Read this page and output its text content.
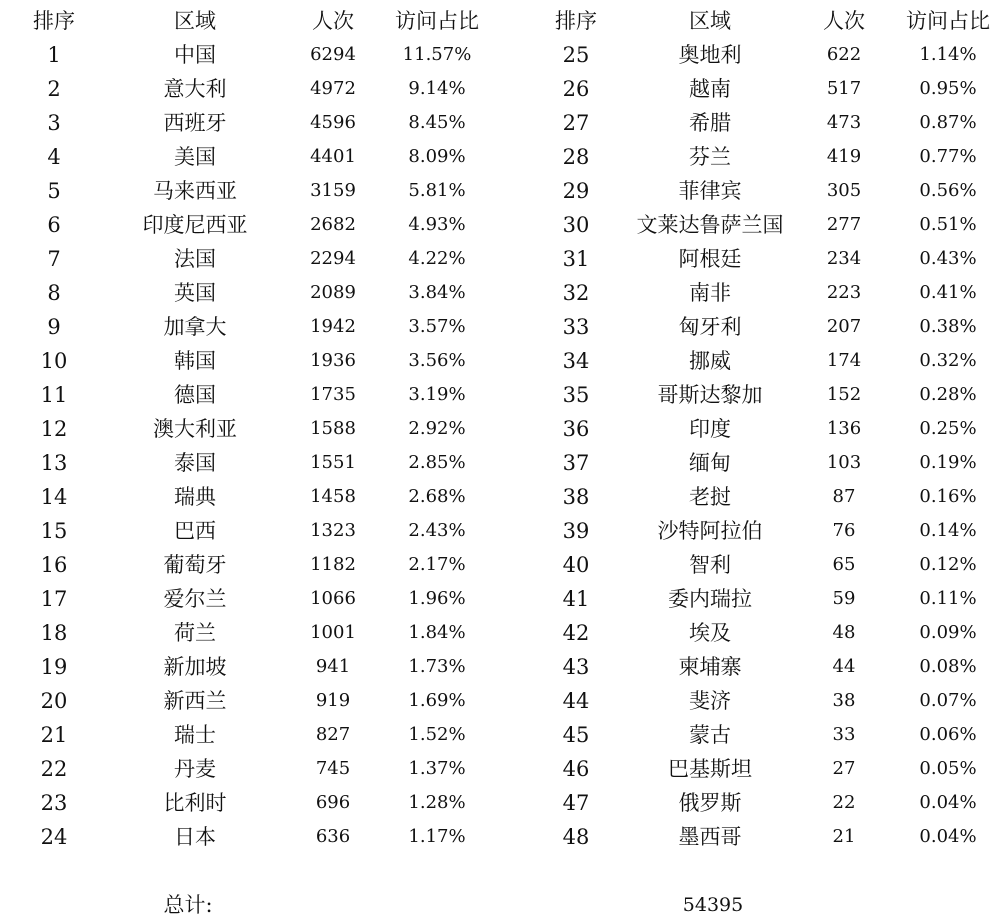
总计:	54395
排序	区域	人次 访问占比
1	中国	6294	11.57%
2	意大利	4972	9.14%
3	西班牙	4596	8.45%
4	美国	4401	8.09%
5	马来西亚	3159	5.81%
6	印度尼西亚	2682	4.93%
7	法国	2294	4.22%
8	英国	2089	3.84%
9	加拿大	1942	3.57%
10	韩国	1936	3.56%
11	德国	1735	3.19%
12	澳大利亚	1588	2.92%
13	泰国	1551	2.85%
14	瑞典	1458	2.68%
15	巴西	1323	2.43%
16	葡萄牙	1182	2.17%
17	爱尔兰	1066	1.96%
18	荷兰	1001	1.84%
19	新加坡	941	1.73%
20	新西兰	919	1.69%
21	瑞士	827	1.52%
22	丹麦	745	1.37%
23	比利时	696	1.28%
24	日本	636	1.17%
排序	区域	人次 访问占比
25	奥地利	622	1.14%
26	越南	517	0.95%
27	希腊	473	0.87%
28	芬兰	419	0.77%
29	菲律宾	305	0.56%
30 文莱达鲁萨兰国 277	0.51%
31	阿根廷	234	0.43%
32	南非	223	0.41%
33	匈牙利	207	0.38%
34	挪威	174	0.32%
35	哥斯达黎加	152	0.28%
36	印度	136	0.25%
37	缅甸	103	0.19%
38	老挝	87	0.16%
39	沙特阿拉伯	76	0.14%
40	智利	65	0.12%
41	委内瑞拉	59	0.11%
42	埃及	48	0.09%
43	柬埔寨	44	0.08%
44	斐济	38	0.07%
45	蒙古	33	0.06%
46	巴基斯坦	27	0.05%
47	俄罗斯	22	0.04%
48	墨西哥	21	0.04%
